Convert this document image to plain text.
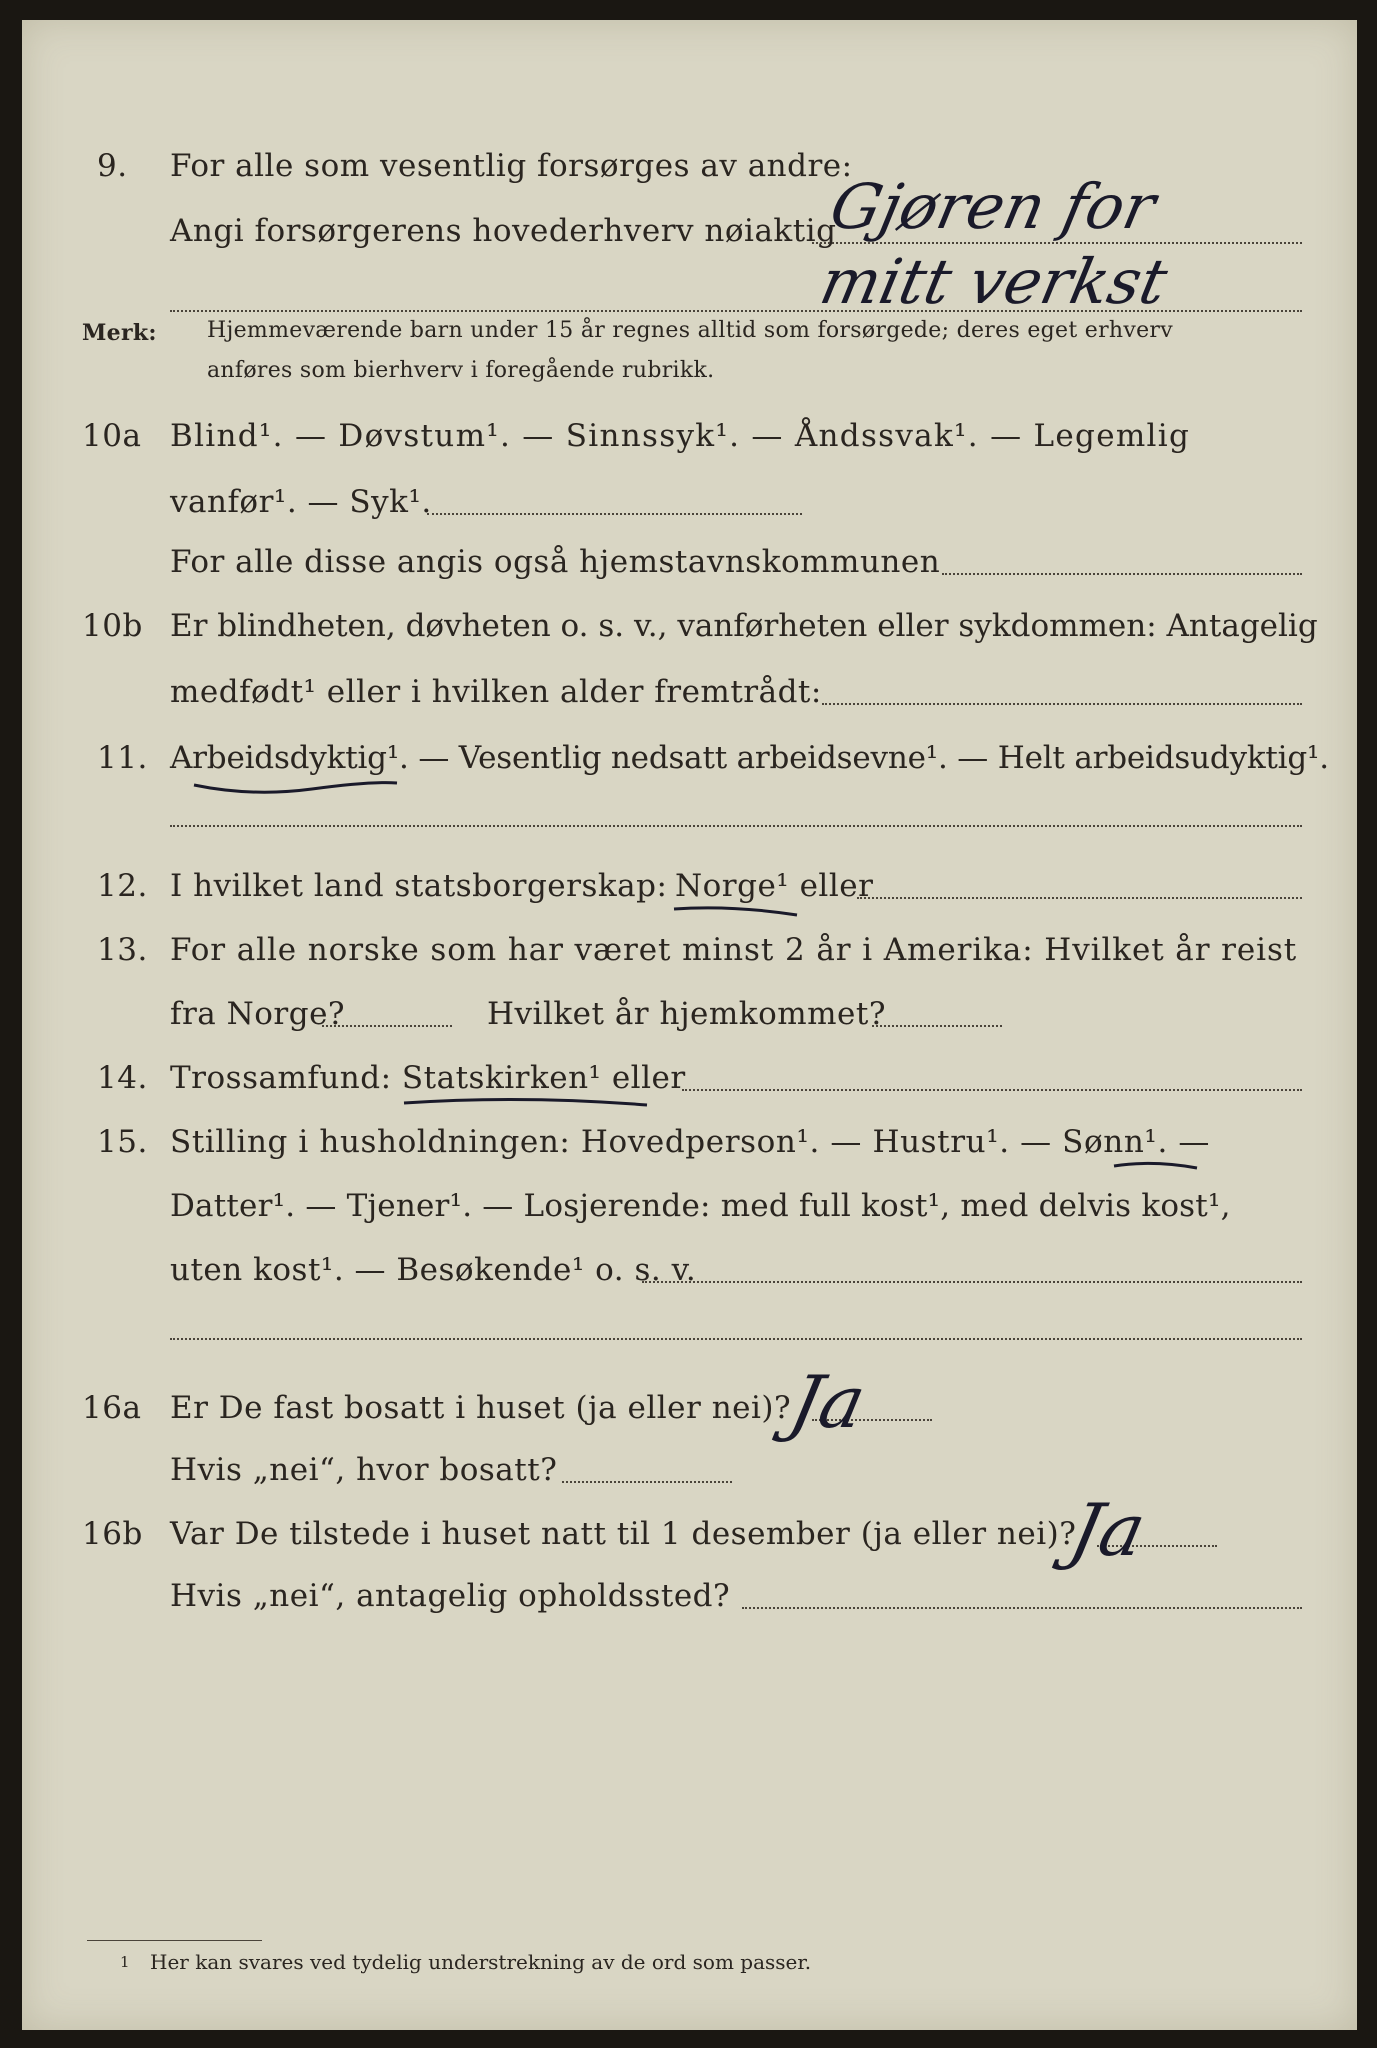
9. For alle som vesentlig forsørges av andre:
Angi forsørgerens hovederhverv nøiaktig
Gjøren for
mitt verkst
Merk: Hjemmeværende barn under 15 år regnes alltid som forsørgede; deres eget erhverv
anføres som bierhverv i foregående rubrikk.
10a Blind¹. — Døvstum¹. — Sinnssyk¹. — Åndssvak¹. — Legemlig
vanfør¹. — Syk¹.
For alle disse angis også hjemstavnskommunen
10b Er blindheten, døvheten o. s. v., vanførheten eller sykdommen: Antagelig
medfødt¹ eller i hvilken alder fremtrådt:
11. Arbeidsdyktig¹. — Vesentlig nedsatt arbeidsevne¹. — Helt arbeidsudyktig¹.
12. I hvilket land statsborgerskap: Norge¹ eller
13. For alle norske som har været minst 2 år i Amerika: Hvilket år reist
fra Norge?	Hvilket år hjemkommet?
14. Trossamfund: Statskirken¹ eller
15. Stilling i husholdningen: Hovedperson¹. — Hustru¹. — Sønn¹. —
Datter¹. — Tjener¹. — Losjerende: med full kost¹, med delvis kost¹,
uten kost¹. — Besøkende¹ o. s. v.
16a Er De fast bosatt i huset (ja eller nei)?
Ja
Hvis „nei“, hvor bosatt?
16b Var De tilstede i huset natt til 1 desember (ja eller nei)?
Ja
Hvis „nei“, antagelig opholdssted?
1 Her kan svares ved tydelig understrekning av de ord som passer.
